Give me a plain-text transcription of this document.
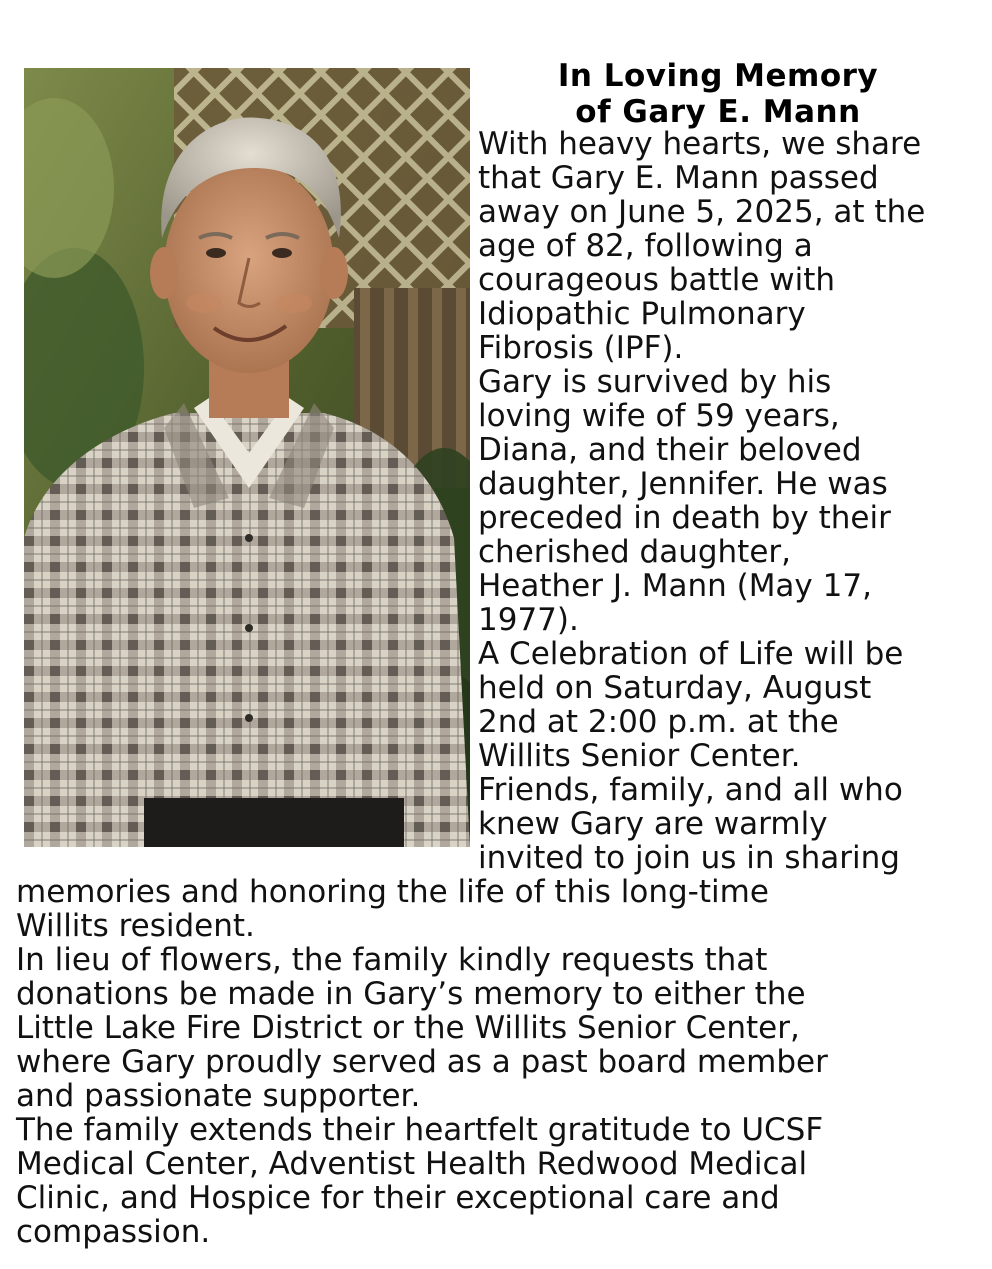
In Loving Memory
of Gary E. Mann
With heavy hearts, we share
that Gary E. Mann passed
away on June 5, 2025, at the
age of 82, following a
courageous battle with
Idiopathic Pulmonary
Fibrosis (IPF).
Gary is survived by his
loving wife of 59 years,
Diana, and their beloved
daughter, Jennifer. He was
preceded in death by their
cherished daughter,
Heather J. Mann (May 17,
1977).
A Celebration of Life will be
held on Saturday, August
2nd at 2:00 p.m. at the
Willits Senior Center.
Friends, family, and all who
knew Gary are warmly
invited to join us in sharing
memories and honoring the life of this long-time
Willits resident.
In lieu of flowers, the family kindly requests that
donations be made in Gary’s memory to either the
Little Lake Fire District or the Willits Senior Center,
where Gary proudly served as a past board member
and passionate supporter.
The family extends their heartfelt gratitude to UCSF
Medical Center, Adventist Health Redwood Medical
Clinic, and Hospice for their exceptional care and
compassion.
